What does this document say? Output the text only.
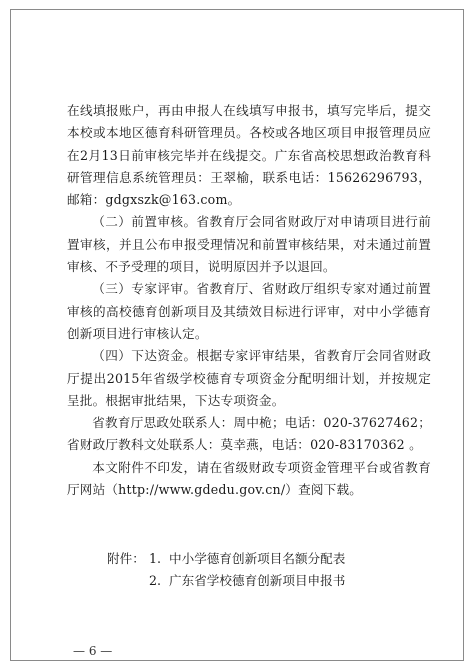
在线填报账户，再由申报人在线填写申报书，填写完毕后，提交本校或本地区德育科研管理员。各校或各地区项目申报管理员应在2月13日前审核完毕并在线提交。广东省高校思想政治教育科研管理信息系统管理员：王翠榆，联系电话：15626296793，邮箱：gdgxszk@163.com。

（二）前置审核。省教育厅会同省财政厅对申请项目进行前置审核，并且公布申报受理情况和前置审核结果，对未通过前置审核、不予受理的项目，说明原因并予以退回。

（三）专家评审。省教育厅、省财政厅组织专家对通过前置审核的高校德育创新项目及其绩效目标进行评审，对中小学德育创新项目进行审核认定。

（四）下达资金。根据专家评审结果，省教育厅会同省财政厅提出2015年省级学校德育专项资金分配明细计划，并按规定呈批。根据审批结果，下达专项资金。

省教育厅思政处联系人：周中桅；电话：020-37627462；省财政厅教科文处联系人：莫幸燕，电话：020-83170362 。

本文附件不印发，请在省级财政专项资金管理平台或省教育厅网站（http://www.gdedu.gov.cn/）查阅下载。

附件： 1. 中小学德育创新项目名额分配表
2. 广东省学校德育创新项目申报书
— 6 —
